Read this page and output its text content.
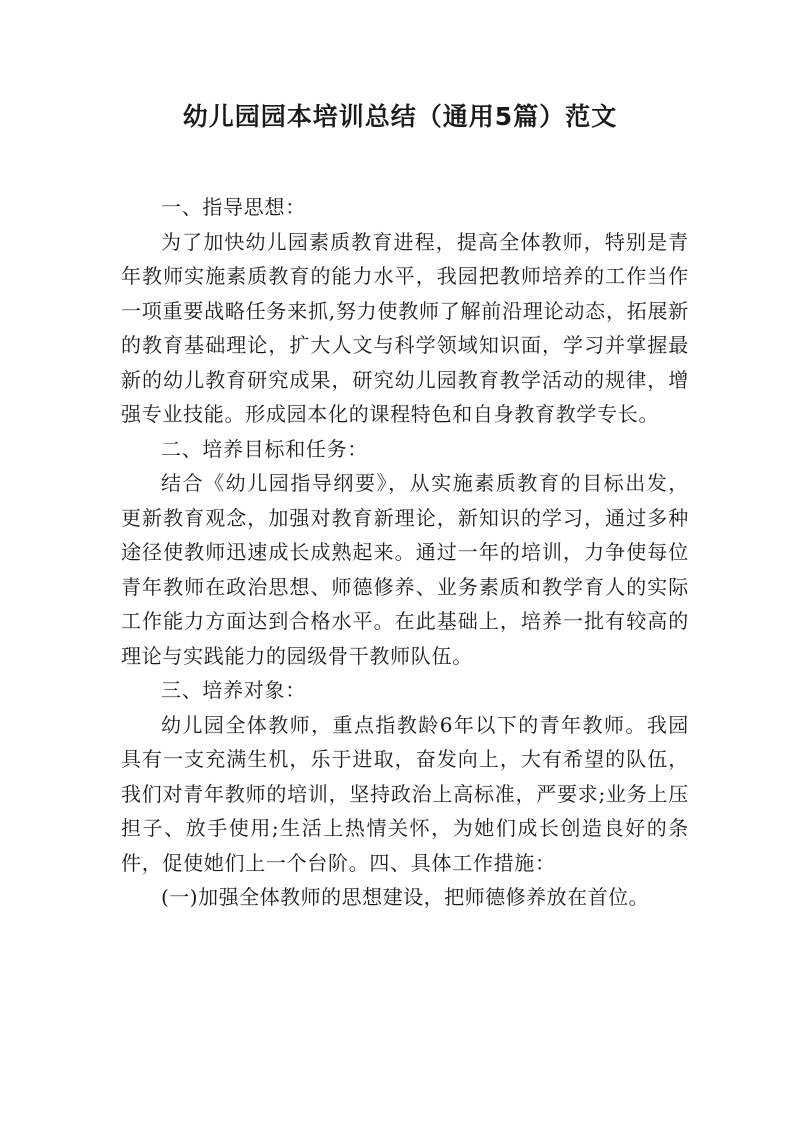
幼儿园园本培训总结（通用5篇）范文

一、指导思想：

为了加快幼儿园素质教育进程，提高全体教师，特别是青年教师实施素质教育的能力水平，我园把教师培养的工作当作一项重要战略任务来抓,努力使教师了解前沿理论动态，拓展新的教育基础理论，扩大人文与科学领域知识面，学习并掌握最新的幼儿教育研究成果，研究幼儿园教育教学活动的规律，增强专业技能。形成园本化的课程特色和自身教育教学专长。

二、培养目标和任务：

结合《幼儿园指导纲要》，从实施素质教育的目标出发，更新教育观念，加强对教育新理论，新知识的学习，通过多种途径使教师迅速成长成熟起来。通过一年的培训，力争使每位青年教师在政治思想、师德修养、业务素质和教学育人的实际工作能力方面达到合格水平。在此基础上，培养一批有较高的理论与实践能力的园级骨干教师队伍。

三、培养对象：

幼儿园全体教师，重点指教龄6年以下的青年教师。我园具有一支充满生机，乐于进取，奋发向上，大有希望的队伍，我们对青年教师的培训，坚持政治上高标准，严要求;业务上压担子、放手使用;生活上热情关怀，为她们成长创造良好的条件，促使她们上一个台阶。四、具体工作措施：

(一)加强全体教师的思想建设，把师德修养放在首位。
